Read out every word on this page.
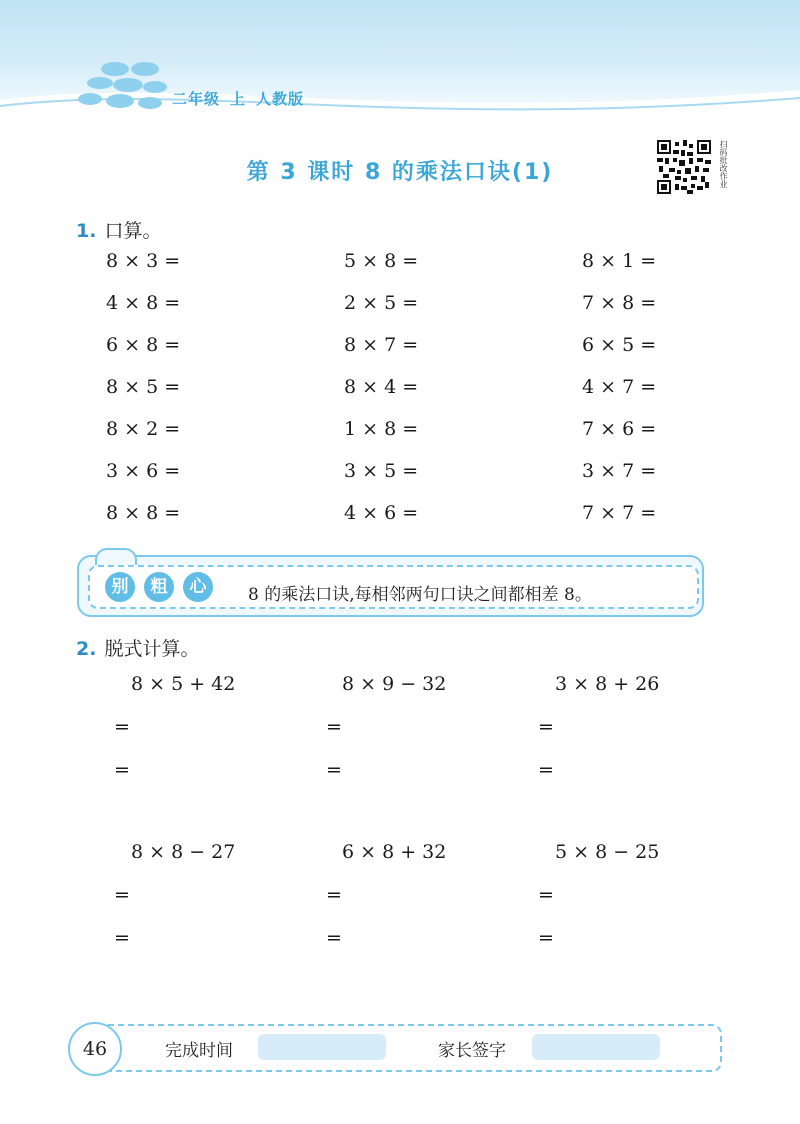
二年级 上 人教版
第 3 课时 8 的乘法口诀(1)	扫码批改作业
1. 口算。
8 × 3 =	5 × 8 =	8 × 1 =
4 × 8 =	2 × 5 =	7 × 8 =
6 × 8 =	8 × 7 =	6 × 5 =
8 × 5 =	8 × 4 =	4 × 7 =
8 × 2 =	1 × 8 =	7 × 6 =
3 × 6 =	3 × 5 =	3 × 7 =
8 × 8 =	4 × 6 =	7 × 7 =
别	粗	心	8 的乘法口诀,每相邻两句口诀之间都相差 8。
2. 脱式计算。
8 × 5 + 42	8 × 9 − 32	3 × 8 + 26
=	=	=
=	=	=
8 × 8 − 27	6 × 8 + 32	5 × 8 − 25
=	=	=
=	=	=
46	完成时间	家长签字
